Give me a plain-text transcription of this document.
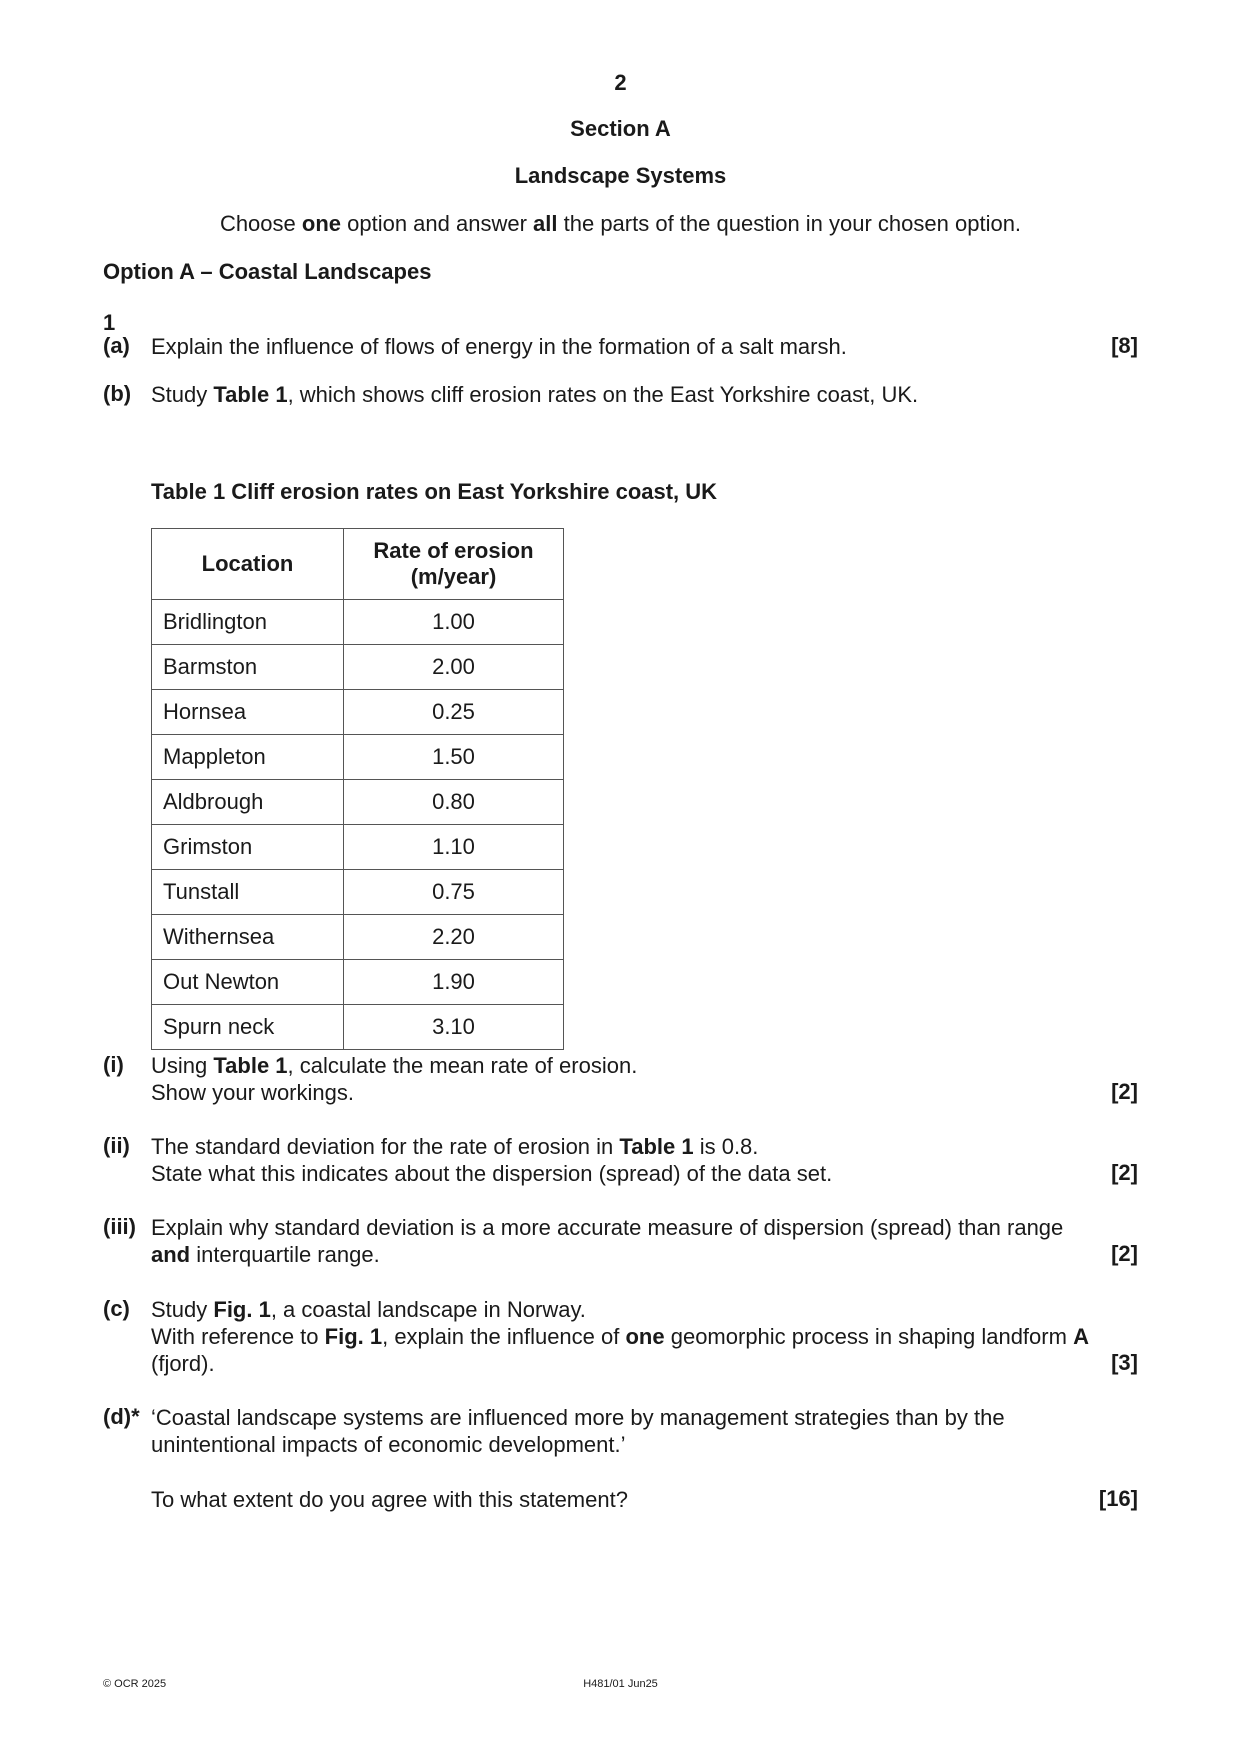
2
Section A
Landscape Systems
Choose one option and answer all the parts of the question in your chosen option.
Option A – Coastal Landscapes
1
(a) Explain the influence of flows of energy in the formation of a salt marsh.	[8]
(b) Study Table 1, which shows cliff erosion rates on the East Yorkshire coast, UK.
Table 1 Cliff erosion rates on East Yorkshire coast, UK
Location	Rate of erosion
(m/year)
Bridlington	1.00
Barmston	2.00
Hornsea	0.25
Mappleton	1.50
Aldbrough	0.80
Grimston	1.10
Tunstall	0.75
Withernsea	2.20
Out Newton	1.90
Spurn neck	3.10
(i) Using Table 1, calculate the mean rate of erosion.
Show your workings.	[2]
(ii) The standard deviation for the rate of erosion in Table 1 is 0.8.
State what this indicates about the dispersion (spread) of the data set.	[2]
(iii) Explain why standard deviation is a more accurate measure of dispersion (spread) than range
and interquartile range.	[2]
(c) Study Fig. 1, a coastal landscape in Norway.
With reference to Fig. 1, explain the influence of one geomorphic process in shaping landform A
(fjord).	[3]
(d)* ‘Coastal landscape systems are influenced more by management strategies than by the
unintentional impacts of economic development.’
To what extent do you agree with this statement?	[16]
© OCR 2025	H481/01 Jun25
